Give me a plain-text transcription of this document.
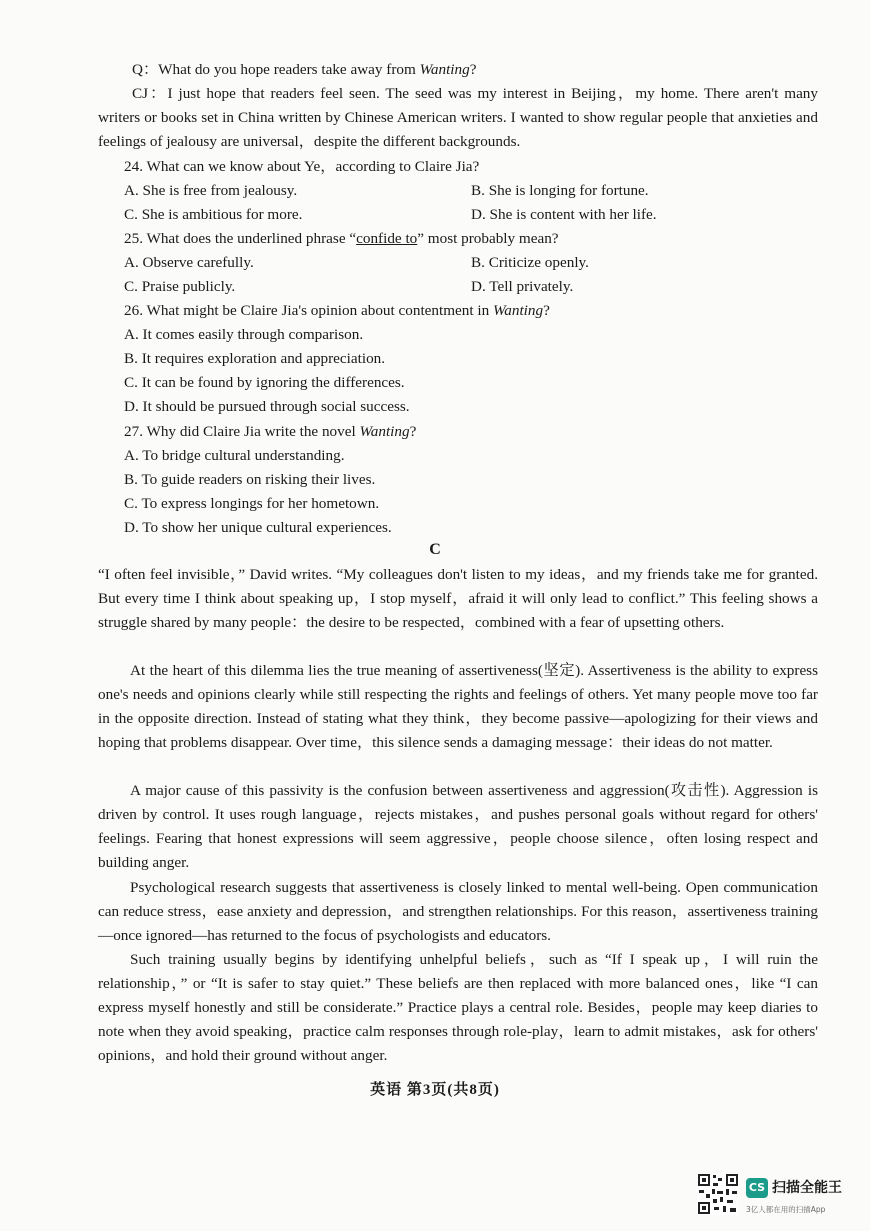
Q：What do you hope readers take away from Wanting?
CJ：I just hope that readers feel seen. The seed was my interest in Beijing，my home. There aren't many writers or books set in China written by Chinese American writers. I wanted to show regular people that anxieties and feelings of jealousy are universal，despite the different backgrounds.
24. What can we know about Ye，according to Claire Jia?
A. She is free from jealousy.	B. She is longing for fortune.
C. She is ambitious for more.	D. She is content with her life.
25. What does the underlined phrase “confide to” most probably mean?
A. Observe carefully.	B. Criticize openly.
C. Praise publicly.	D. Tell privately.
26. What might be Claire Jia's opinion about contentment in Wanting?
A. It comes easily through comparison.
B. It requires exploration and appreciation.
C. It can be found by ignoring the differences.
D. It should be pursued through social success.
27. Why did Claire Jia write the novel Wanting?
A. To bridge cultural understanding.
B. To guide readers on risking their lives.
C. To express longings for her hometown.
D. To show her unique cultural experiences.
C
“I often feel invisible，” David writes. “My colleagues don't listen to my ideas，and my friends take me for granted. But every time I think about speaking up，I stop myself，afraid it will only lead to conflict.” This feeling shows a struggle shared by many people：the desire to be respected，combined with a fear of upsetting others.
At the heart of this dilemma lies the true meaning of assertiveness(坚定). Assertiveness is the ability to express one's needs and opinions clearly while still respecting the rights and feelings of others. Yet many people move too far in the opposite direction. Instead of stating what they think，they become passive—apologizing for their views and hoping that problems disappear. Over time，this silence sends a damaging message：their ideas do not matter.
A major cause of this passivity is the confusion between assertiveness and aggression(攻击性). Aggression is driven by control. It uses rough language，rejects mistakes，and pushes personal goals without regard for others' feelings. Fearing that honest expressions will seem aggressive，people choose silence，often losing respect and building anger.
Psychological research suggests that assertiveness is closely linked to mental well-being. Open communication can reduce stress，ease anxiety and depression，and strengthen relationships. For this reason，assertiveness training—once ignored—has returned to the focus of psychologists and educators.
Such training usually begins by identifying unhelpful beliefs，such as “If I speak up，I will ruin the relationship，” or “It is safer to stay quiet.” These beliefs are then replaced with more balanced ones，like “I can express myself honestly and still be considerate.” Practice plays a central role. Besides，people may keep diaries to note when they avoid speaking，practice calm responses through role-play，learn to admit mistakes，ask for others' opinions，and hold their ground without anger.
英语 第3页(共8页)
CS 扫描全能王
3亿人都在用的扫描App
